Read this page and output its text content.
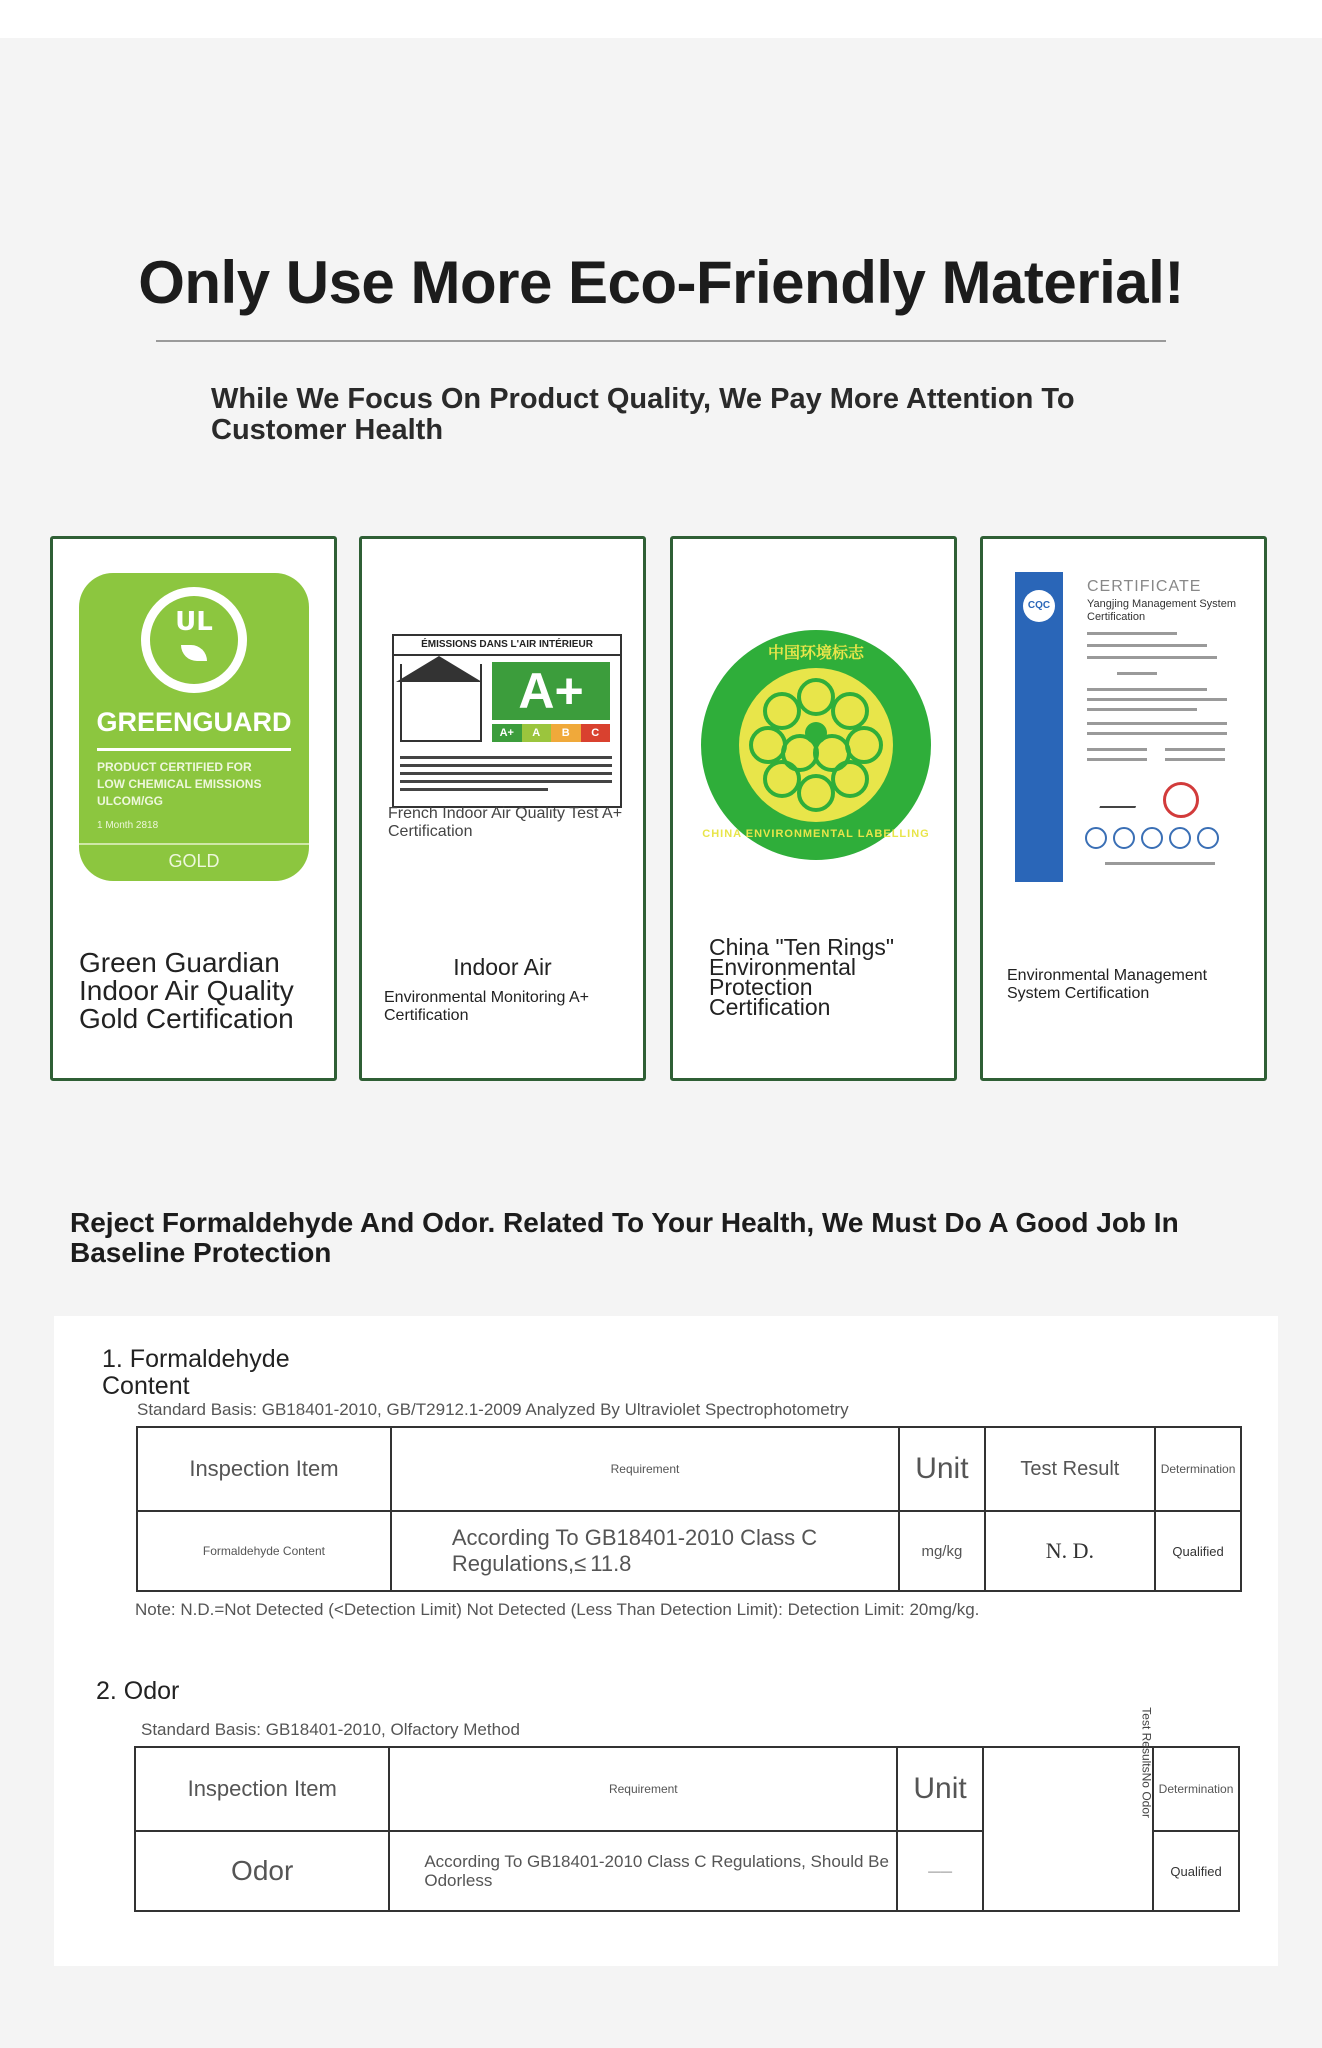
Only Use More Eco-Friendly Material!
While We Focus On Product Quality, We Pay More Attention To Customer Health
UL
GREENGUARD
PRODUCT CERTIFIED FOR
LOW CHEMICAL EMISSIONS
ULCOM/GG
1 Month 2818
GOLD
Green Guardian Indoor Air Quality Gold Certification
ÉMISSIONS DANS L'AIR INTÉRIEUR
A+
A+	A	B	C
French Indoor Air Quality Test A+ Certification
Indoor Air
Environmental Monitoring A+ Certification
中国环境标志
CHINA ENVIRONMENTAL LABELLING
China "Ten Rings" Environmental Protection Certification
CQC
CERTIFICATE
Yangjing Management System Certification
Environmental Management System Certification
Reject Formaldehyde And Odor. Related To Your Health, We Must Do A Good Job In Baseline Protection
1. Formaldehyde Content
Standard Basis: GB18401-2010, GB/T2912.1-2009 Analyzed By Ultraviolet Spectrophotometry
Inspection Item	Requirement	Unit	Test Result	Determination
Formaldehyde Content	According To GB18401-2010 Class C Regulations,≤ 11.8	mg/kg	N. D.	Qualified
Note: N.D.=Not Detected (<Detection Limit) Not Detected (Less Than Detection Limit): Detection Limit: 20mg/kg.
2. Odor
Standard Basis: GB18401-2010, Olfactory Method
Inspection Item	Requirement	Unit	Test ResultsNo Odor	Determination
Odor	According To GB18401-2010 Class C Regulations, Should Be Odorless	——		Qualified
